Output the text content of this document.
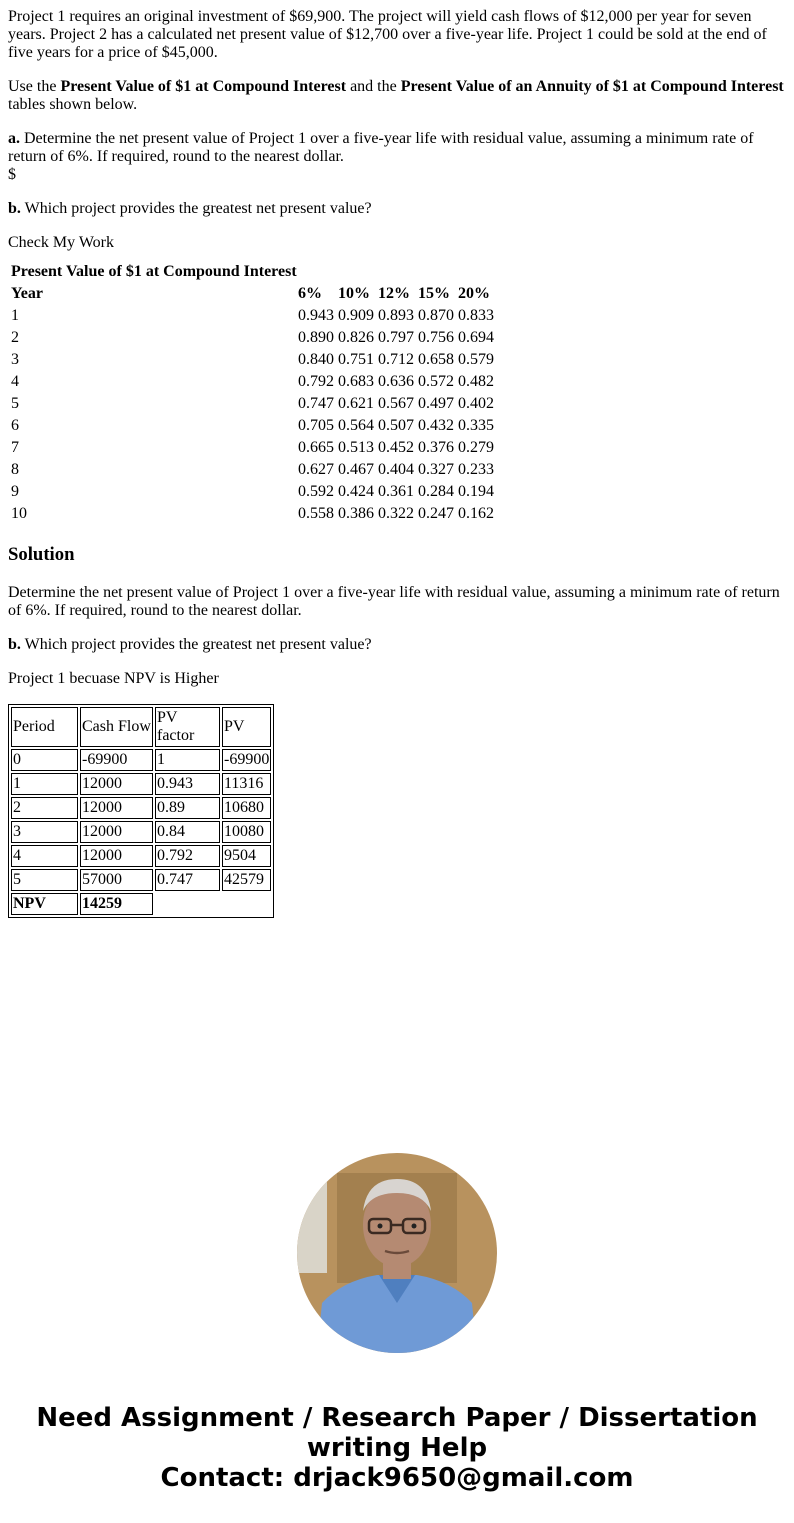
Project 1 requires an original investment of $69,900. The project will yield cash flows of $12,000 per year for seven years. Project 2 has a calculated net present value of $12,700 over a five-year life. Project 1 could be sold at the end of five years for a price of $45,000.

Use the Present Value of $1 at Compound Interest and the Present Value of an Annuity of $1 at Compound Interest tables shown below.

a. Determine the net present value of Project 1 over a five-year life with residual value, assuming a minimum rate of return of 6%. If required, round to the nearest dollar.
$

b. Which project provides the greatest net present value?

Check My Work

Present Value of $1 at Compound Interest					
Year	6%	10%	12%	15%	20%
1	0.943	0.909	0.893	0.870	0.833
2	0.890	0.826	0.797	0.756	0.694
3	0.840	0.751	0.712	0.658	0.579
4	0.792	0.683	0.636	0.572	0.482
5	0.747	0.621	0.567	0.497	0.402
6	0.705	0.564	0.507	0.432	0.335
7	0.665	0.513	0.452	0.376	0.279
8	0.627	0.467	0.404	0.327	0.233
9	0.592	0.424	0.361	0.284	0.194
10	0.558	0.386	0.322	0.247	0.162
Solution

Determine the net present value of Project 1 over a five-year life with residual value, assuming a minimum rate of return of 6%. If required, round to the nearest dollar.

b. Which project provides the greatest net present value?

Project 1 becuase NPV is Higher

Period	Cash Flow	PV factor	PV
0	-69900	1	-69900
1	12000	0.943	11316
2	12000	0.89	10680
3	12000	0.84	10080
4	12000	0.792	9504
5	57000	0.747	42579
NPV	14259		
Need Assignment / Research Paper / Dissertation
writing Help
Contact: drjack9650@gmail.com
